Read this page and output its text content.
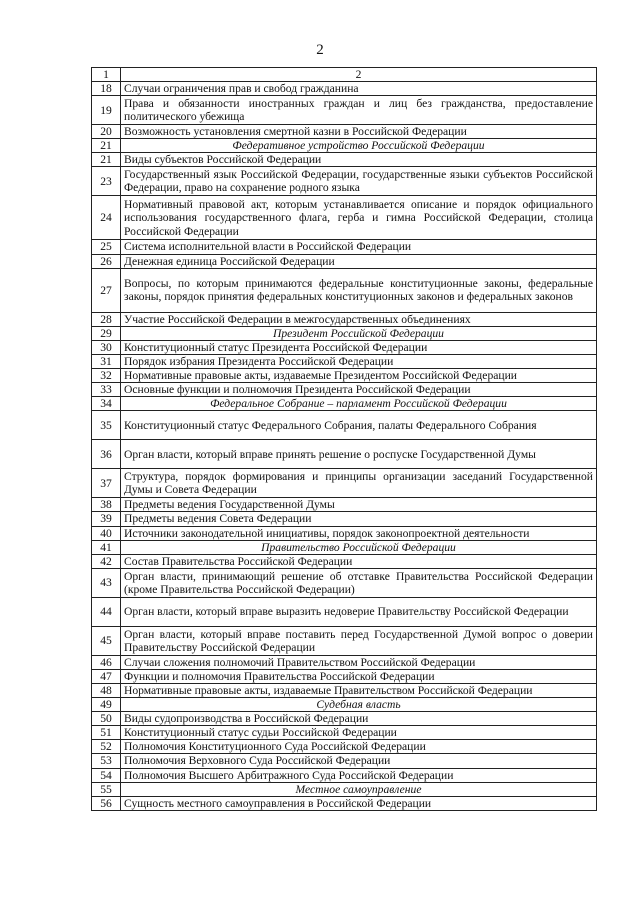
2
1	2
18	Случаи ограничения прав и свобод гражданина
19	Права и обязанности иностранных граждан и лиц без гражданства, предоставление политического убежища
20	Возможность установления смертной казни в Российской Федерации
21	Федеративное устройство Российской Федерации
21	Виды субъектов Российской Федерации
23	Государственный язык Российской Федерации, государственные языки субъектов Российской Федерации, право на сохранение родного языка
24	Нормативный правовой акт, которым устанавливается описание и порядок официального использования государственного флага, герба и гимна Российской Федерации, столица Российской Федерации
25	Система исполнительной власти в Российской Федерации
26	Денежная единица Российской Федерации
27	Вопросы, по которым принимаются федеральные конституционные законы, федеральные законы, порядок принятия федеральных конституционных законов и федеральных законов
28	Участие Российской Федерации в межгосударственных объединениях
29	Президент Российской Федерации
30	Конституционный статус Президента Российской Федерации
31	Порядок избрания Президента Российской Федерации
32	Нормативные правовые акты, издаваемые Президентом Российской Федерации
33	Основные функции и полномочия Президента Российской Федерации
34	Федеральное Собрание – парламент Российской Федерации
35	Конституционный статус Федерального Собрания, палаты Федерального Собрания
36	Орган власти, который вправе принять решение о роспуске Государственной Думы
37	Структура, порядок формирования и принципы организации заседаний Государственной Думы и Совета Федерации
38	Предметы ведения Государственной Думы
39	Предметы ведения Совета Федерации
40	Источники законодательной инициативы, порядок законопроектной деятельности
41	Правительство Российской Федерации
42	Состав Правительства Российской Федерации
43	Орган власти, принимающий решение об отставке Правительства Российской Федерации (кроме Правительства Российской Федерации)
44	Орган власти, который вправе выразить недоверие Правительству Российской Федерации
45	Орган власти, который вправе поставить перед Государственной Думой вопрос о доверии Правительству Российской Федерации
46	Случаи сложения полномочий Правительством Российской Федерации
47	Функции и полномочия Правительства Российской Федерации
48	Нормативные правовые акты, издаваемые Правительством Российской Федерации
49	Судебная власть
50	Виды судопроизводства в Российской Федерации
51	Конституционный статус судьи Российской Федерации
52	Полномочия Конституционного Суда Российской Федерации
53	Полномочия Верховного Суда Российской Федерации
54	Полномочия Высшего Арбитражного Суда Российской Федерации
55	Местное самоуправление
56	Сущность местного самоуправления в Российской Федерации
